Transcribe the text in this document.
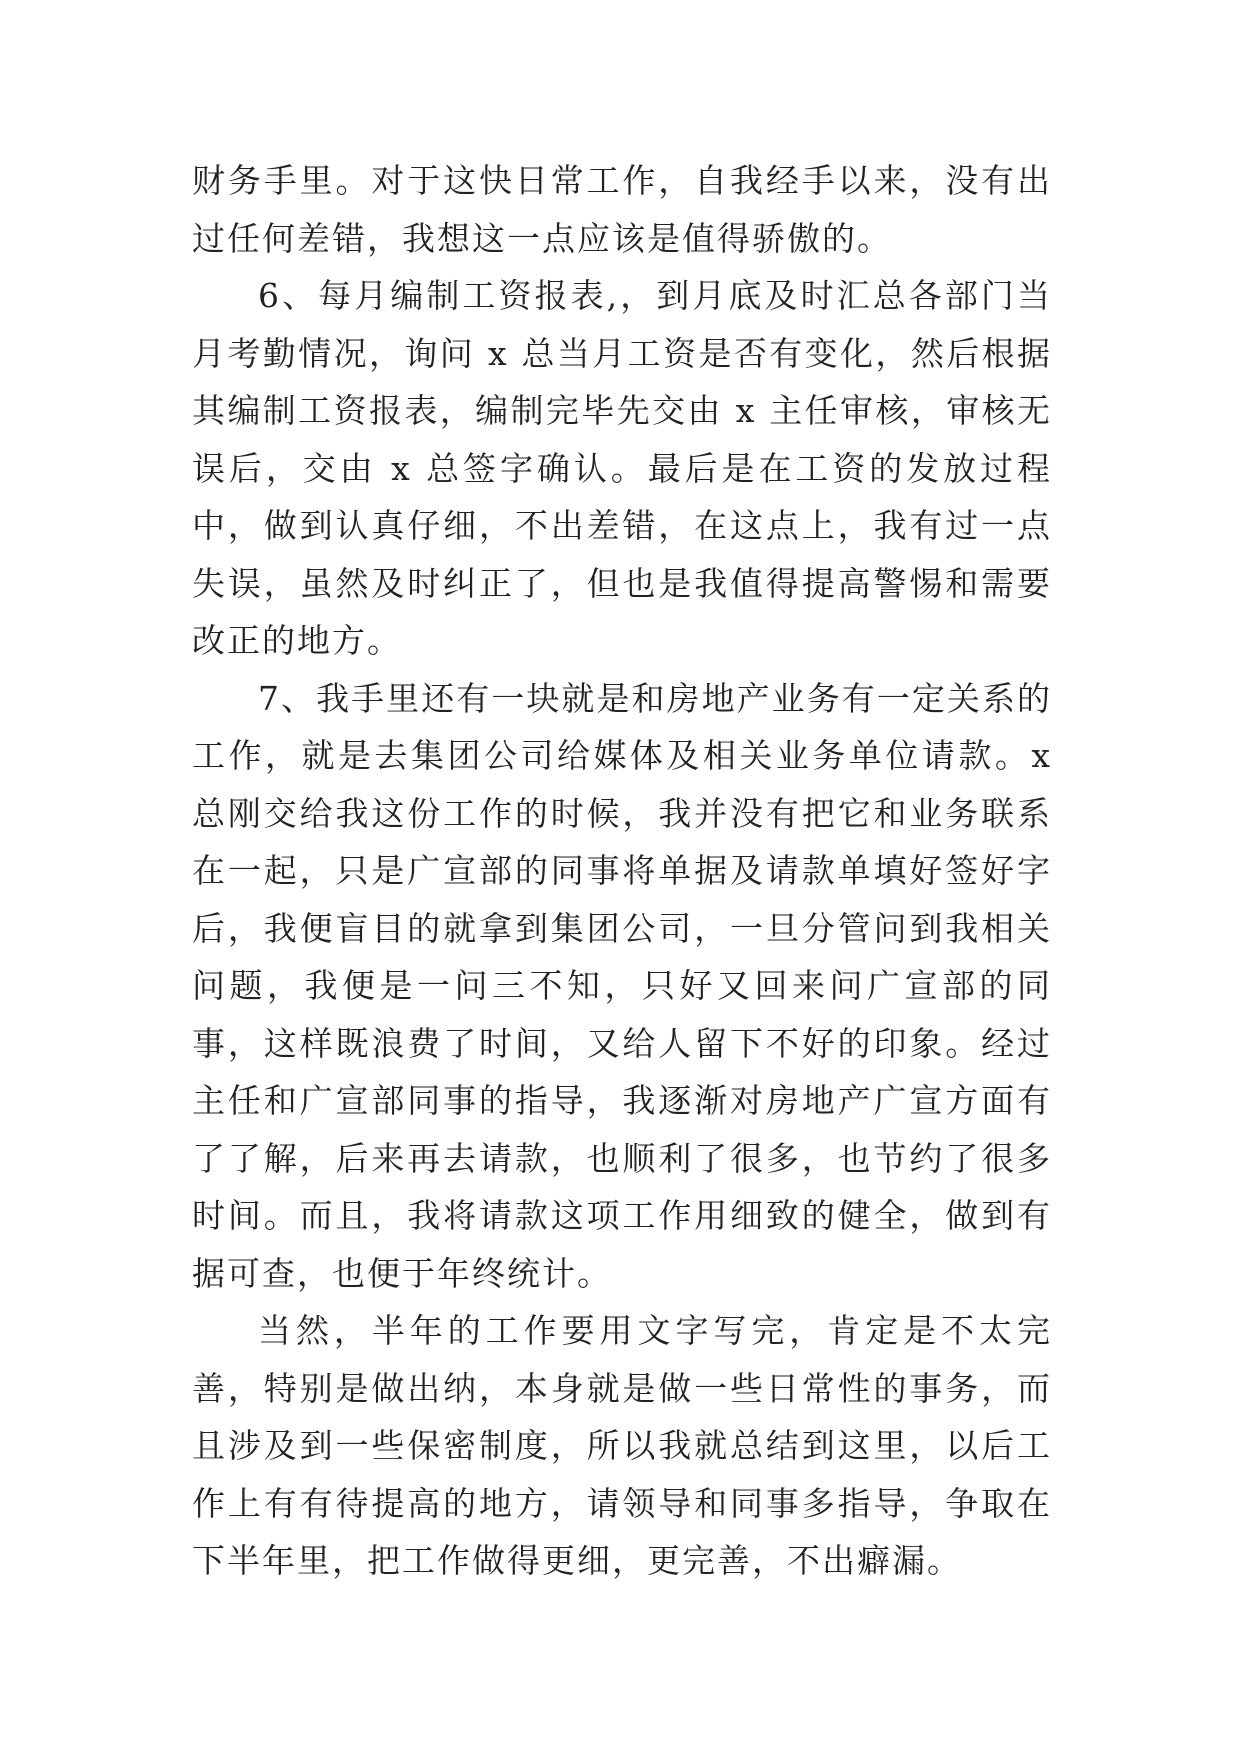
财务手里。对于这快日常工作，自我经手以来，没有出过任何差错，我想这一点应该是值得骄傲的。

6、每月编制工资报表,，到月底及时汇总各部门当月考勤情况，询问 x 总当月工资是否有变化，然后根据其编制工资报表，编制完毕先交由 x 主任审核，审核无误后，交由 x 总签字确认。最后是在工资的发放过程中，做到认真仔细，不出差错，在这点上，我有过一点失误，虽然及时纠正了，但也是我值得提高警惕和需要改正的地方。

7、我手里还有一块就是和房地产业务有一定关系的工作，就是去集团公司给媒体及相关业务单位请款。x 总刚交给我这份工作的时候，我并没有把它和业务联系在一起，只是广宣部的同事将单据及请款单填好签好字后，我便盲目的就拿到集团公司，一旦分管问到我相关问题，我便是一问三不知，只好又回来问广宣部的同事，这样既浪费了时间，又给人留下不好的印象。经过主任和广宣部同事的指导，我逐渐对房地产广宣方面有了了解，后来再去请款，也顺利了很多，也节约了很多时间。而且，我将请款这项工作用细致的健全，做到有据可查，也便于年终统计。

当然，半年的工作要用文字写完，肯定是不太完善，特别是做出纳，本身就是做一些日常性的事务，而且涉及到一些保密制度，所以我就总结到这里，以后工作上有有待提高的地方，请领导和同事多指导，争取在下半年里，把工作做得更细，更完善，不出癖漏。
